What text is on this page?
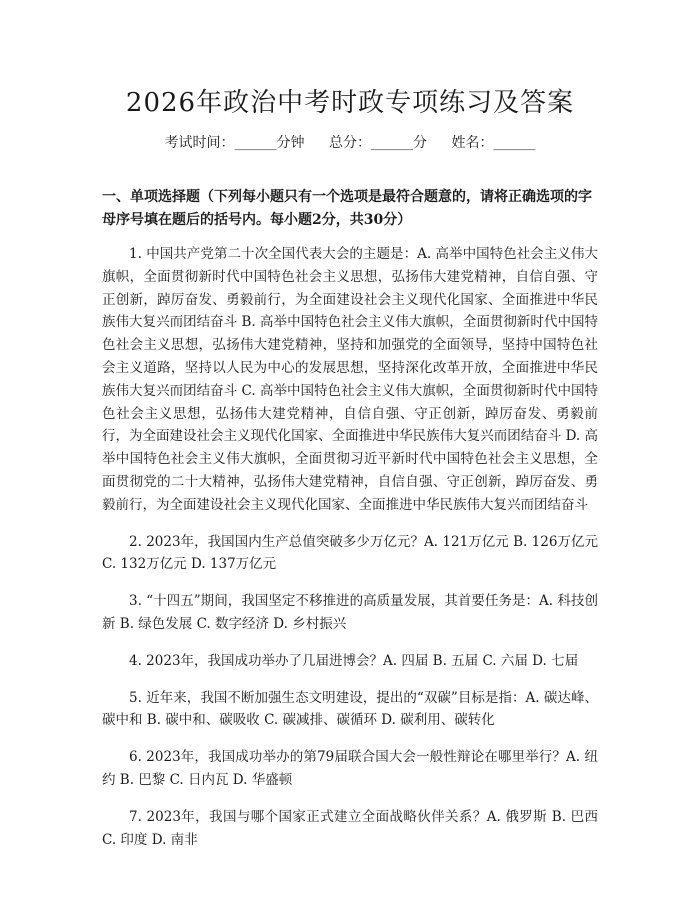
2026年政治中考时政专项练习及答案
考试时间：______分钟 总分：______分 姓名：______

一、单项选择题（下列每小题只有一个选项是最符合题意的，请将正确选项的字母序号填在题后的括号内。每小题2分，共30分）

1. 中国共产党第二十次全国代表大会的主题是：A. 高举中国特色社会主义伟大旗帜，全面贯彻新时代中国特色社会主义思想，弘扬伟大建党精神，自信自强、守正创新，踔厉奋发、勇毅前行，为全面建设社会主义现代化国家、全面推进中华民族伟大复兴而团结奋斗 B. 高举中国特色社会主义伟大旗帜，全面贯彻新时代中国特色社会主义思想，弘扬伟大建党精神，坚持和加强党的全面领导，坚持中国特色社会主义道路，坚持以人民为中心的发展思想，坚持深化改革开放，全面推进中华民族伟大复兴而团结奋斗 C. 高举中国特色社会主义伟大旗帜，全面贯彻新时代中国特色社会主义思想，弘扬伟大建党精神，自信自强、守正创新，踔厉奋发、勇毅前行，为全面建设社会主义现代化国家、全面推进中华民族伟大复兴而团结奋斗 D. 高举中国特色社会主义伟大旗帜，全面贯彻习近平新时代中国特色社会主义思想，全面贯彻党的二十大精神，弘扬伟大建党精神，自信自强、守正创新，踔厉奋发、勇毅前行，为全面建设社会主义现代化国家、全面推进中华民族伟大复兴而团结奋斗

2. 2023年，我国国内生产总值突破多少万亿元？A. 121万亿元 B. 126万亿元 C. 132万亿元 D. 137万亿元

3. “十四五”期间，我国坚定不移推进的高质量发展，其首要任务是：A. 科技创新 B. 绿色发展 C. 数字经济 D. 乡村振兴

4. 2023年，我国成功举办了几届进博会？A. 四届 B. 五届 C. 六届 D. 七届

5. 近年来，我国不断加强生态文明建设，提出的“双碳”目标是指：A. 碳达峰、碳中和 B. 碳中和、碳吸收 C. 碳减排、碳循环 D. 碳利用、碳转化

6. 2023年，我国成功举办的第79届联合国大会一般性辩论在哪里举行？A. 纽约 B. 巴黎 C. 日内瓦 D. 华盛顿

7. 2023年，我国与哪个国家正式建立全面战略伙伴关系？A. 俄罗斯 B. 巴西 C. 印度 D. 南非
